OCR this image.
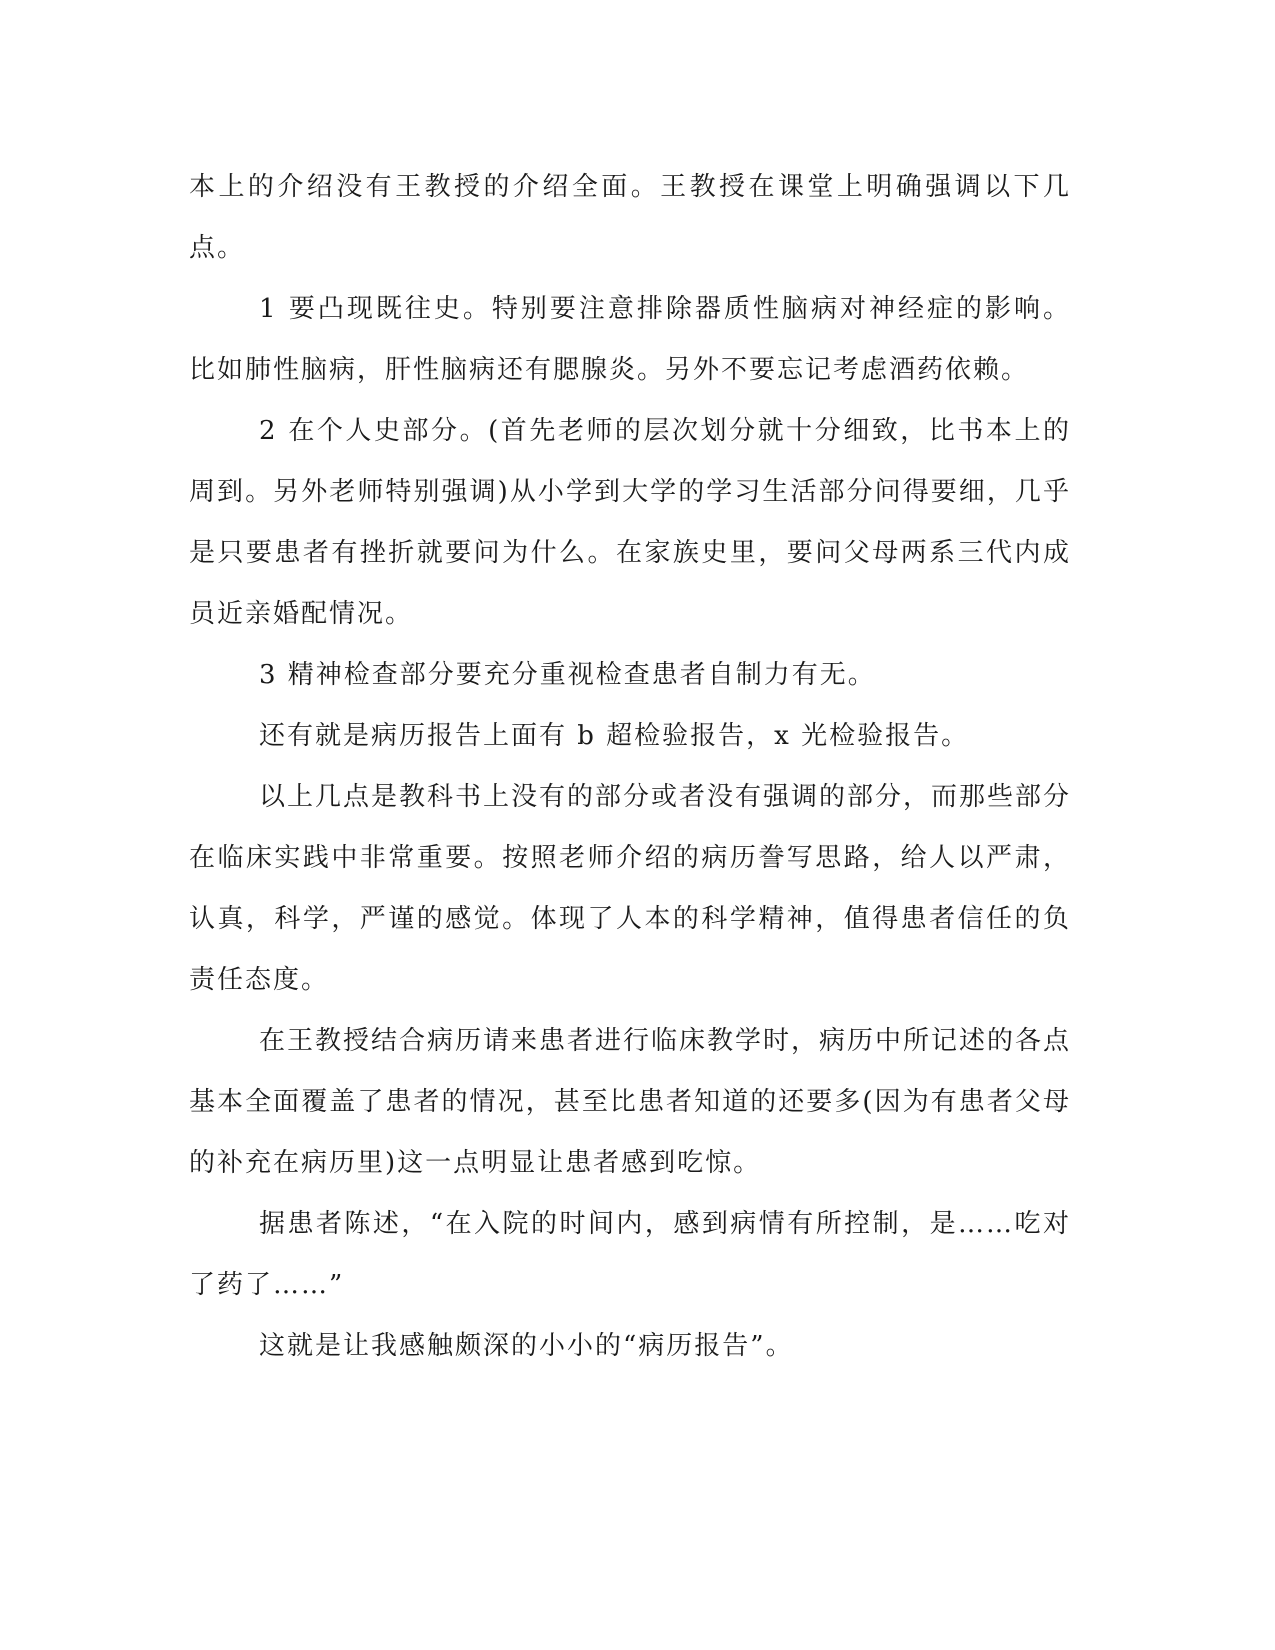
本上的介绍没有王教授的介绍全面。王教授在课堂上明确强调以下几点。

1 要凸现既往史。特别要注意排除器质性脑病对神经症的影响。比如肺性脑病，肝性脑病还有腮腺炎。另外不要忘记考虑酒药依赖。

2 在个人史部分。(首先老师的层次划分就十分细致，比书本上的周到。另外老师特别强调)从小学到大学的学习生活部分问得要细，几乎是只要患者有挫折就要问为什么。在家族史里，要问父母两系三代内成员近亲婚配情况。

3 精神检查部分要充分重视检查患者自制力有无。

还有就是病历报告上面有 b 超检验报告，x 光检验报告。

以上几点是教科书上没有的部分或者没有强调的部分，而那些部分在临床实践中非常重要。按照老师介绍的病历誊写思路，给人以严肃，认真，科学，严谨的感觉。体现了人本的科学精神，值得患者信任的负责任态度。

在王教授结合病历请来患者进行临床教学时，病历中所记述的各点基本全面覆盖了患者的情况，甚至比患者知道的还要多(因为有患者父母的补充在病历里)这一点明显让患者感到吃惊。

据患者陈述，“在入院的时间内，感到病情有所控制，是……吃对了药了……”

这就是让我感触颇深的小小的“病历报告”。
